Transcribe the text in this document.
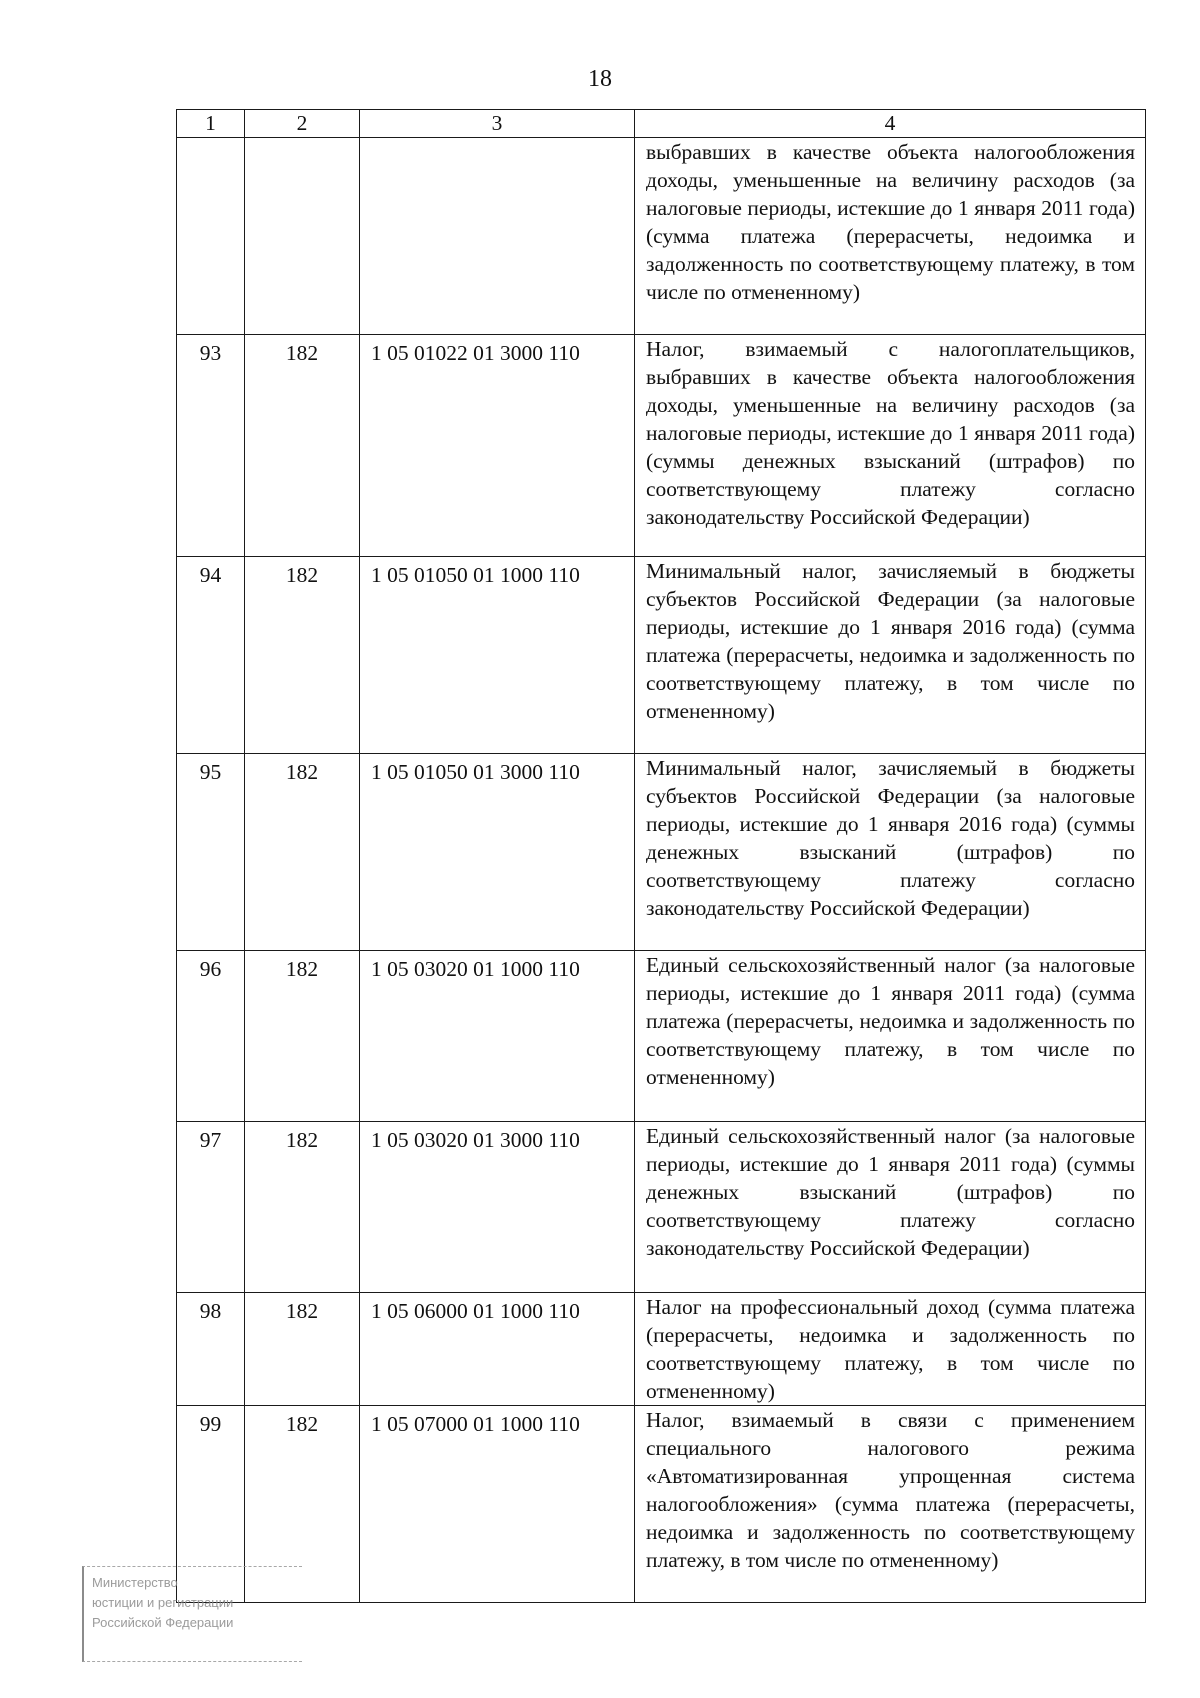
18
1	2	3	4
			выбравших в качестве объекта налогообложения доходы, уменьшенные на величину расходов (за налоговые периоды, истекшие до 1 января 2011 года) (сумма платежа (перерасчеты, недоимка и задолженность по соответствующему платежу, в том числе по отмененному)
93	182	1 05 01022 01 3000 110	Налог, взимаемый с налогоплательщиков, выбравших в качестве объекта налогообложения доходы, уменьшенные на величину расходов (за налоговые периоды, истекшие до 1 января 2011 года) (суммы денежных взысканий (штрафов) по соответствующему платежу согласно законодательству Российской Федерации)
94	182	1 05 01050 01 1000 110	Минимальный налог, зачисляемый в бюджеты субъектов Российской Федерации (за налоговые периоды, истекшие до 1 января 2016 года) (сумма платежа (перерасчеты, недоимка и задолженность по соответствующему платежу, в том числе по отмененному)
95	182	1 05 01050 01 3000 110	Минимальный налог, зачисляемый в бюджеты субъектов Российской Федерации (за налоговые периоды, истекшие до 1 января 2016 года) (суммы денежных взысканий (штрафов) по соответствующему платежу согласно законодательству Российской Федерации)
96	182	1 05 03020 01 1000 110	Единый сельскохозяйственный налог (за налоговые периоды, истекшие до 1 января 2011 года) (сумма платежа (перерасчеты, недоимка и задолженность по соответствующему платежу, в том числе по отмененному)
97	182	1 05 03020 01 3000 110	Единый сельскохозяйственный налог (за налоговые периоды, истекшие до 1 января 2011 года) (суммы денежных взысканий (штрафов) по соответствующему платежу согласно законодательству Российской Федерации)
98	182	1 05 06000 01 1000 110	Налог на профессиональный доход (сумма платежа (перерасчеты, недоимка и задолженность по соответствующему платежу, в том числе по отмененному)
99	182	1 05 07000 01 1000 110	Налог, взимаемый в связи с применением специального налогового режима «Автоматизированная упрощенная система налогообложения» (сумма платежа (перерасчеты, недоимка и задолженность по соответствующему платежу, в том числе по отмененному)
Министерство
юстиции и регистрации
Российской Федерации
